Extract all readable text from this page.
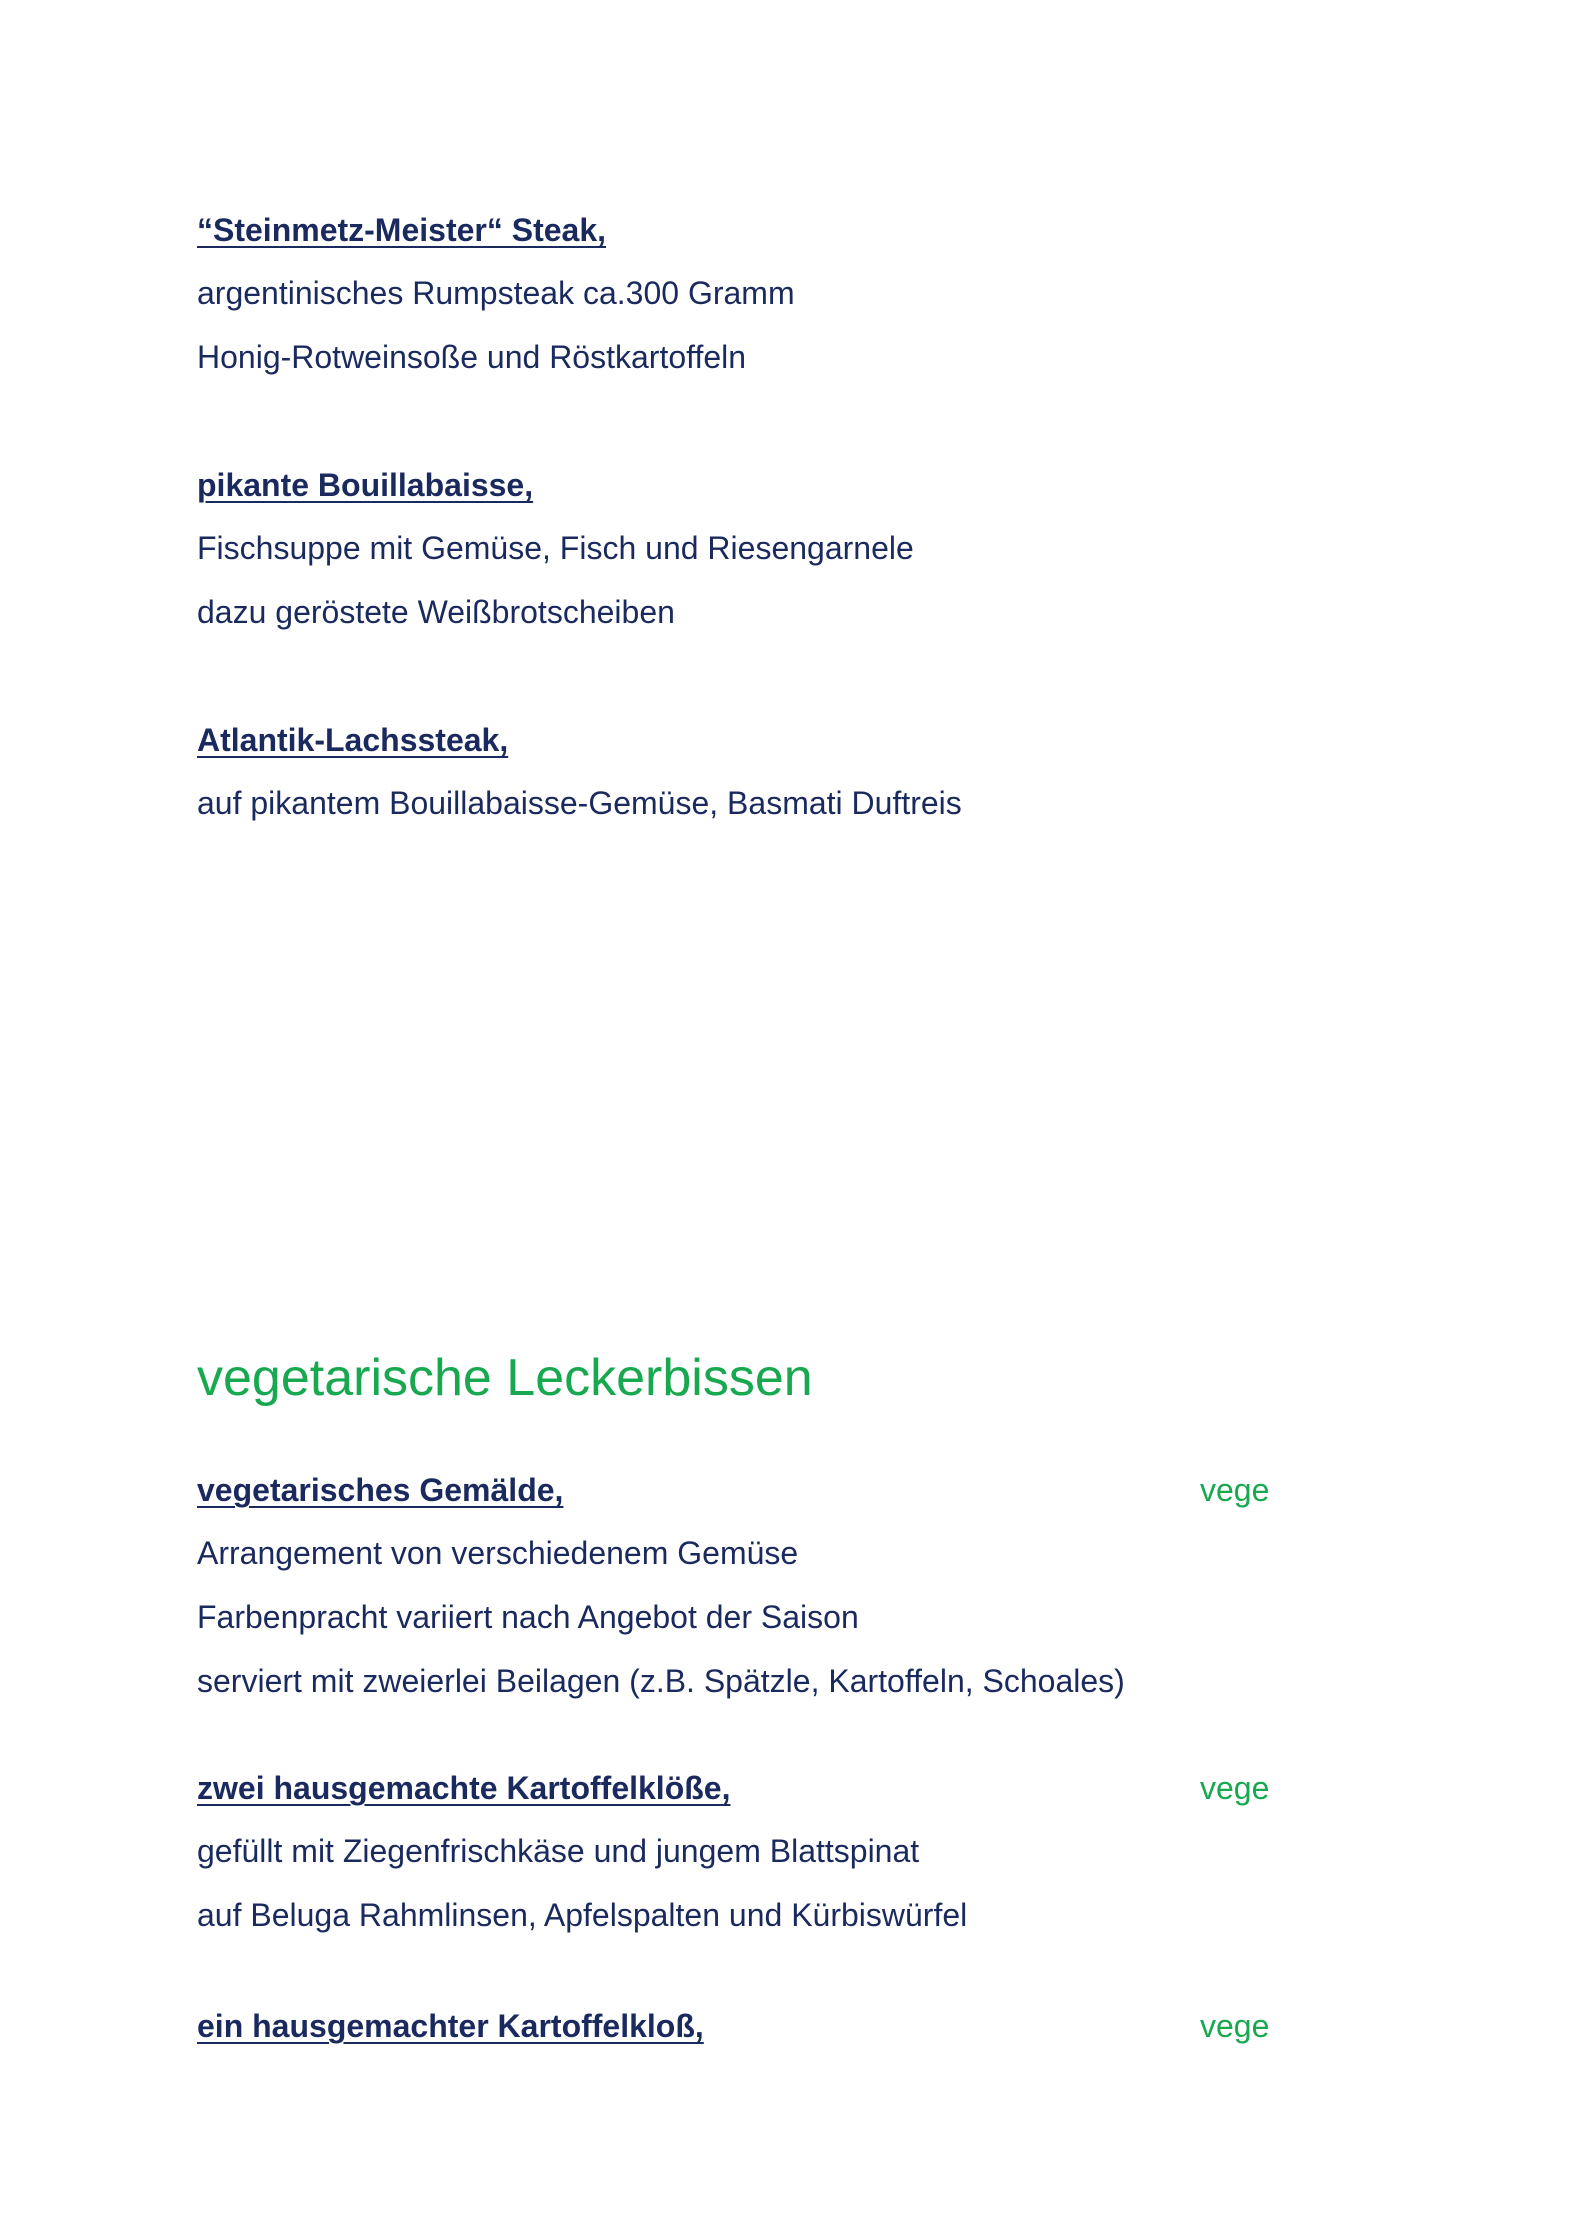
“Steinmetz-Meister“ Steak,
argentinisches Rumpsteak ca.300 Gramm
Honig-Rotweinsoße und Röstkartoffeln
pikante Bouillabaisse,
Fischsuppe mit Gemüse, Fisch und Riesengarnele
dazu geröstete Weißbrotscheiben
Atlantik-Lachssteak,
auf pikantem Bouillabaisse-Gemüse, Basmati Duftreis
vegetarische Leckerbissen
vegetarisches Gemälde,	vege
Arrangement von verschiedenem Gemüse
Farbenpracht variiert nach Angebot der Saison
serviert mit zweierlei Beilagen (z.B. Spätzle, Kartoffeln, Schoales)
zwei hausgemachte Kartoffelklöße,	vege
gefüllt mit Ziegenfrischkäse und jungem Blattspinat
auf Beluga Rahmlinsen, Apfelspalten und Kürbiswürfel
ein hausgemachter Kartoffelkloß,	vege
